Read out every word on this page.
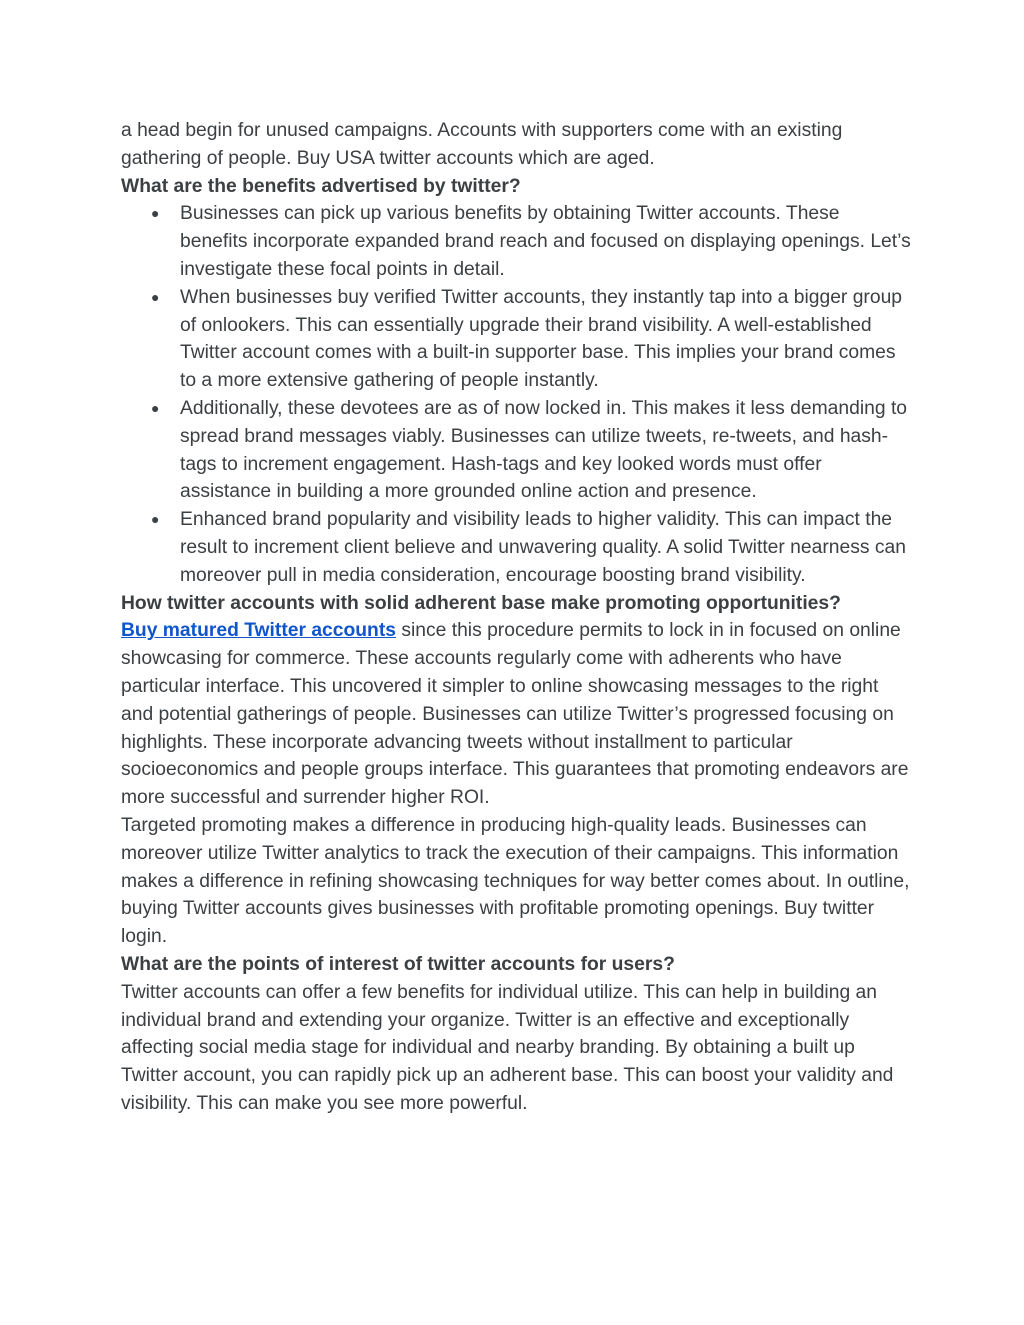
a head begin for unused campaigns. Accounts with supporters come with an existing gathering of people. Buy USA twitter accounts which are aged.

What are the benefits advertised by twitter?

● Businesses can pick up various benefits by obtaining Twitter accounts. These benefits incorporate expanded brand reach and focused on displaying openings. Let’s investigate these focal points in detail.
● When businesses buy verified Twitter accounts, they instantly tap into a bigger group of onlookers. This can essentially upgrade their brand visibility. A well-established Twitter account comes with a built-in supporter base. This implies your brand comes to a more extensive gathering of people instantly.
● Additionally, these devotees are as of now locked in. This makes it less demanding to spread brand messages viably. Businesses can utilize tweets, re-tweets, and hash-tags to increment engagement. Hash-tags and key looked words must offer assistance in building a more grounded online action and presence.
● Enhanced brand popularity and visibility leads to higher validity. This can impact the result to increment client believe and unwavering quality. A solid Twitter nearness can moreover pull in media consideration, encourage boosting brand visibility.

How twitter accounts with solid adherent base make promoting opportunities?

Buy matured Twitter accounts since this procedure permits to lock in in focused on online showcasing for commerce. These accounts regularly come with adherents who have particular interface. This uncovered it simpler to online showcasing messages to the right and potential gatherings of people. Businesses can utilize Twitter’s progressed focusing on highlights. These incorporate advancing tweets without installment to particular socioeconomics and people groups interface. This guarantees that promoting endeavors are more successful and surrender higher ROI.

Targeted promoting makes a difference in producing high-quality leads. Businesses can moreover utilize Twitter analytics to track the execution of their campaigns. This information makes a difference in refining showcasing techniques for way better comes about. In outline, buying Twitter accounts gives businesses with profitable promoting openings. Buy twitter login.

What are the points of interest of twitter accounts for users?

Twitter accounts can offer a few benefits for individual utilize. This can help in building an individual brand and extending your organize. Twitter is an effective and exceptionally affecting social media stage for individual and nearby branding. By obtaining a built up Twitter account, you can rapidly pick up an adherent base. This can boost your validity and visibility. This can make you see more powerful.
